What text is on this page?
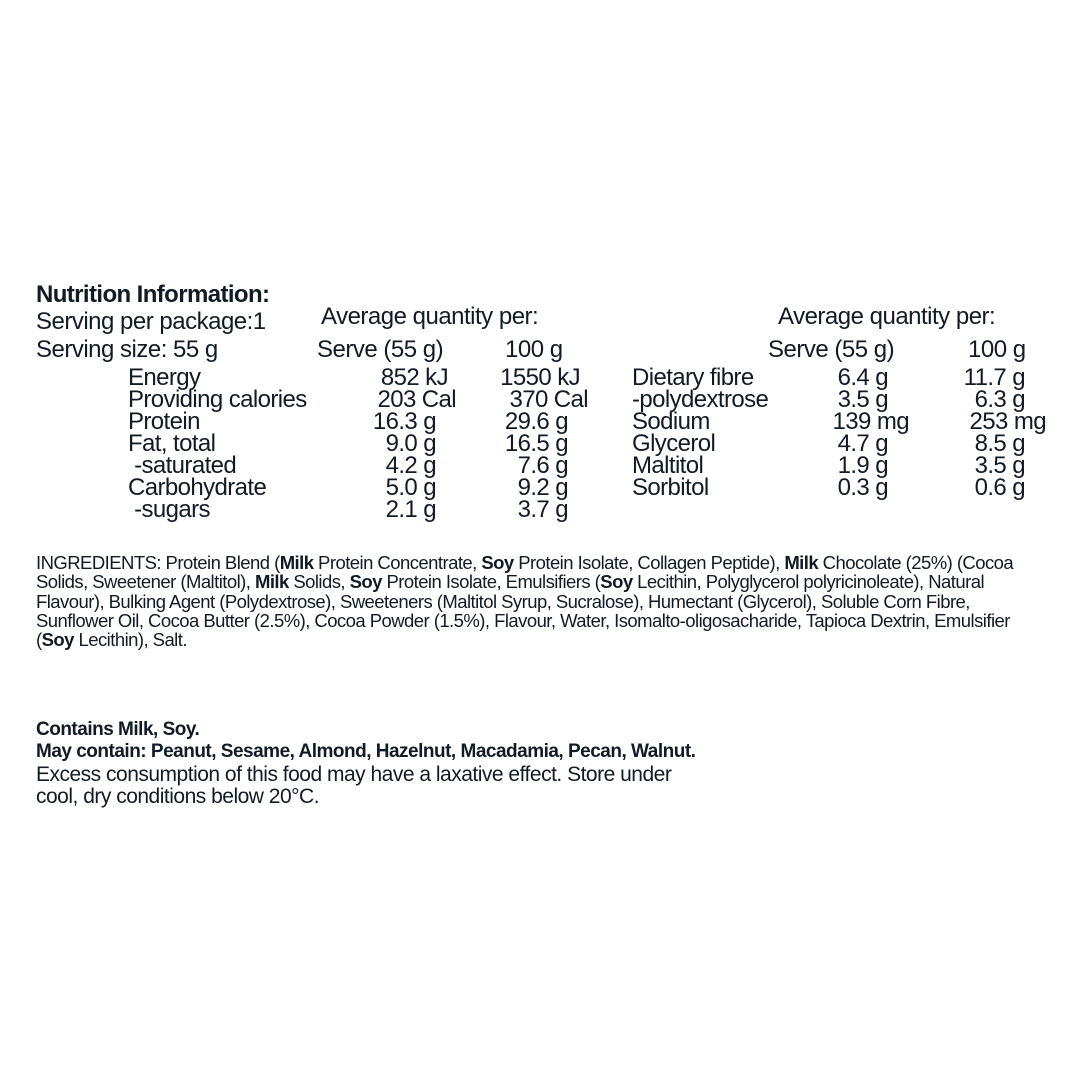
Nutrition Information:
Serving per package:1
Serving size: 55 g
Average quantity per:
Serve (55 g)	100 g
Average quantity per:
Serve (55 g)	100 g
Energy	852 kJ 1550 kJ
Providing calories	203 Cal 370 Cal
Protein	16.3 g	29.6 g
Fat, total	9.0 g	16.5 g
-saturated	4.2 g	7.6 g
Carbohydrate	5.0 g	9.2 g
-sugars	2.1 g	3.7 g
Dietary fibre	6.4 g	11.7 g
-polydextrose	3.5 g	6.3 g
Sodium	139 mg	253 mg
Glycerol	4.7 g	8.5 g
Maltitol	1.9 g	3.5 g
Sorbitol	0.3 g	0.6 g
INGREDIENTS: Protein Blend (Milk Protein Concentrate, Soy Protein Isolate, Collagen Peptide), Milk Chocolate (25%) (Cocoa Solids, Sweetener (Maltitol), Milk Solids, Soy Protein Isolate, Emulsifiers (Soy Lecithin, Polyglycerol polyricinoleate), Natural Flavour), Bulking Agent (Polydextrose), Sweeteners (Maltitol Syrup, Sucralose), Humectant (Glycerol), Soluble Corn Fibre, Sunflower Oil, Cocoa Butter (2.5%), Cocoa Powder (1.5%), Flavour, Water, Isomalto-oligosacharide, Tapioca Dextrin, Emulsifier (Soy Lecithin), Salt.
Contains Milk, Soy.
May contain: Peanut, Sesame, Almond, Hazelnut, Macadamia, Pecan, Walnut.
Excess consumption of this food may have a laxative effect. Store under cool, dry conditions below 20°C.
